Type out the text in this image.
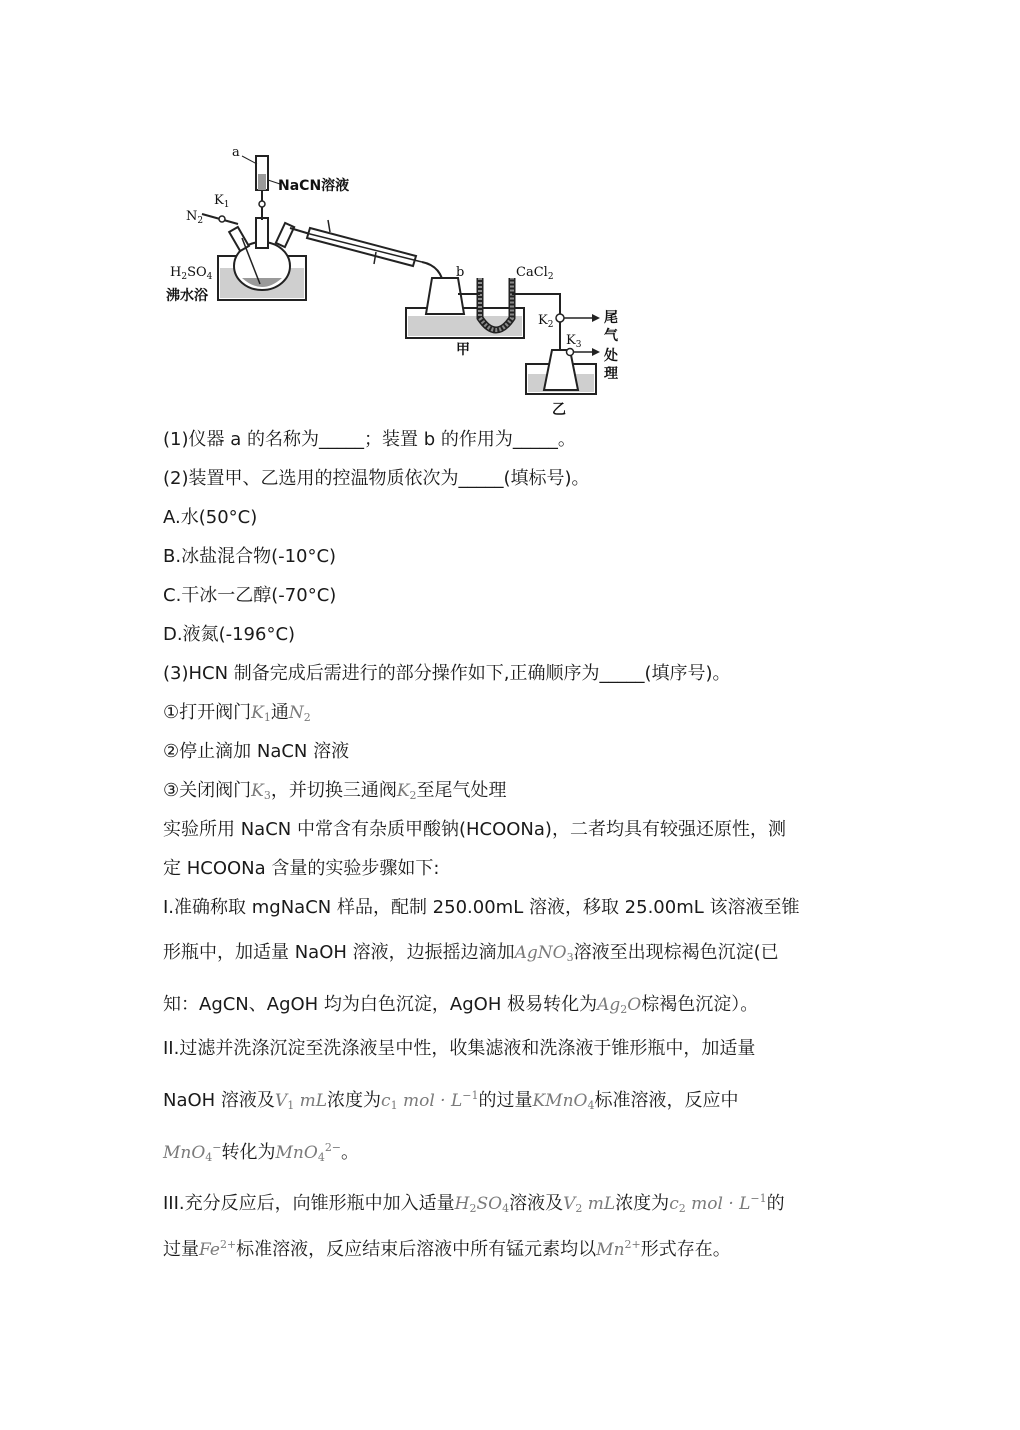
a
NaCN溶液
$K_1$
$N_2$
$H_2SO_4$
沸水浴
b	CaCl$_2$
甲
$K_2$
$K_3$
乙
尾
气
处
理
(1)仪器 a 的名称为_____；装置 b 的作用为_____。
(2)装置甲、乙选用的控温物质依次为_____(填标号)。
A.水(50°C)
B.冰盐混合物(-10°C)
C.干冰一乙醇(-70°C)
D.液氮(-196°C)
(3)HCN 制备完成后需进行的部分操作如下,正确顺序为_____(填序号)。
①打开阀门$K_1$通$N_2$
②停止滴加 NaCN 溶液
③关闭阀门$K_3$，并切换三通阀$K_2$至尾气处理
实验所用 NaCN 中常含有杂质甲酸钠(HCOONa)，二者均具有较强还原性，测
定 HCOONa 含量的实验步骤如下:
I.准确称取 mgNaCN 样品，配制 250.00mL 溶液，移取 25.00mL 该溶液至锥
形瓶中，加适量 NaOH 溶液，边振摇边滴加AgNO$_3$溶液至出现棕褐色沉淀(已
知：AgCN、AgOH 均为白色沉淀，AgOH 极易转化为$Ag_2O$棕褐色沉淀）。
II.过滤并洗涤沉淀至洗涤液呈中性，收集滤液和洗涤液于锥形瓶中，加适量
NaOH 溶液及$V_1$ mL浓度为$c_1$ mol · $L^{-1}$的过量KMnO$_4$标准溶液，反应中
MnO$_4$−转化为MnO$_4^{2-}$。
III.充分反应后，向锥形瓶中加入适量$H_2SO_4$溶液及$V_2$ mL浓度为$c_2$ mol · $L^{-1}$的
过量$Fe^{2+}$标准溶液，反应结束后溶液中所有锰元素均以$Mn^{2+}$形式存在。
